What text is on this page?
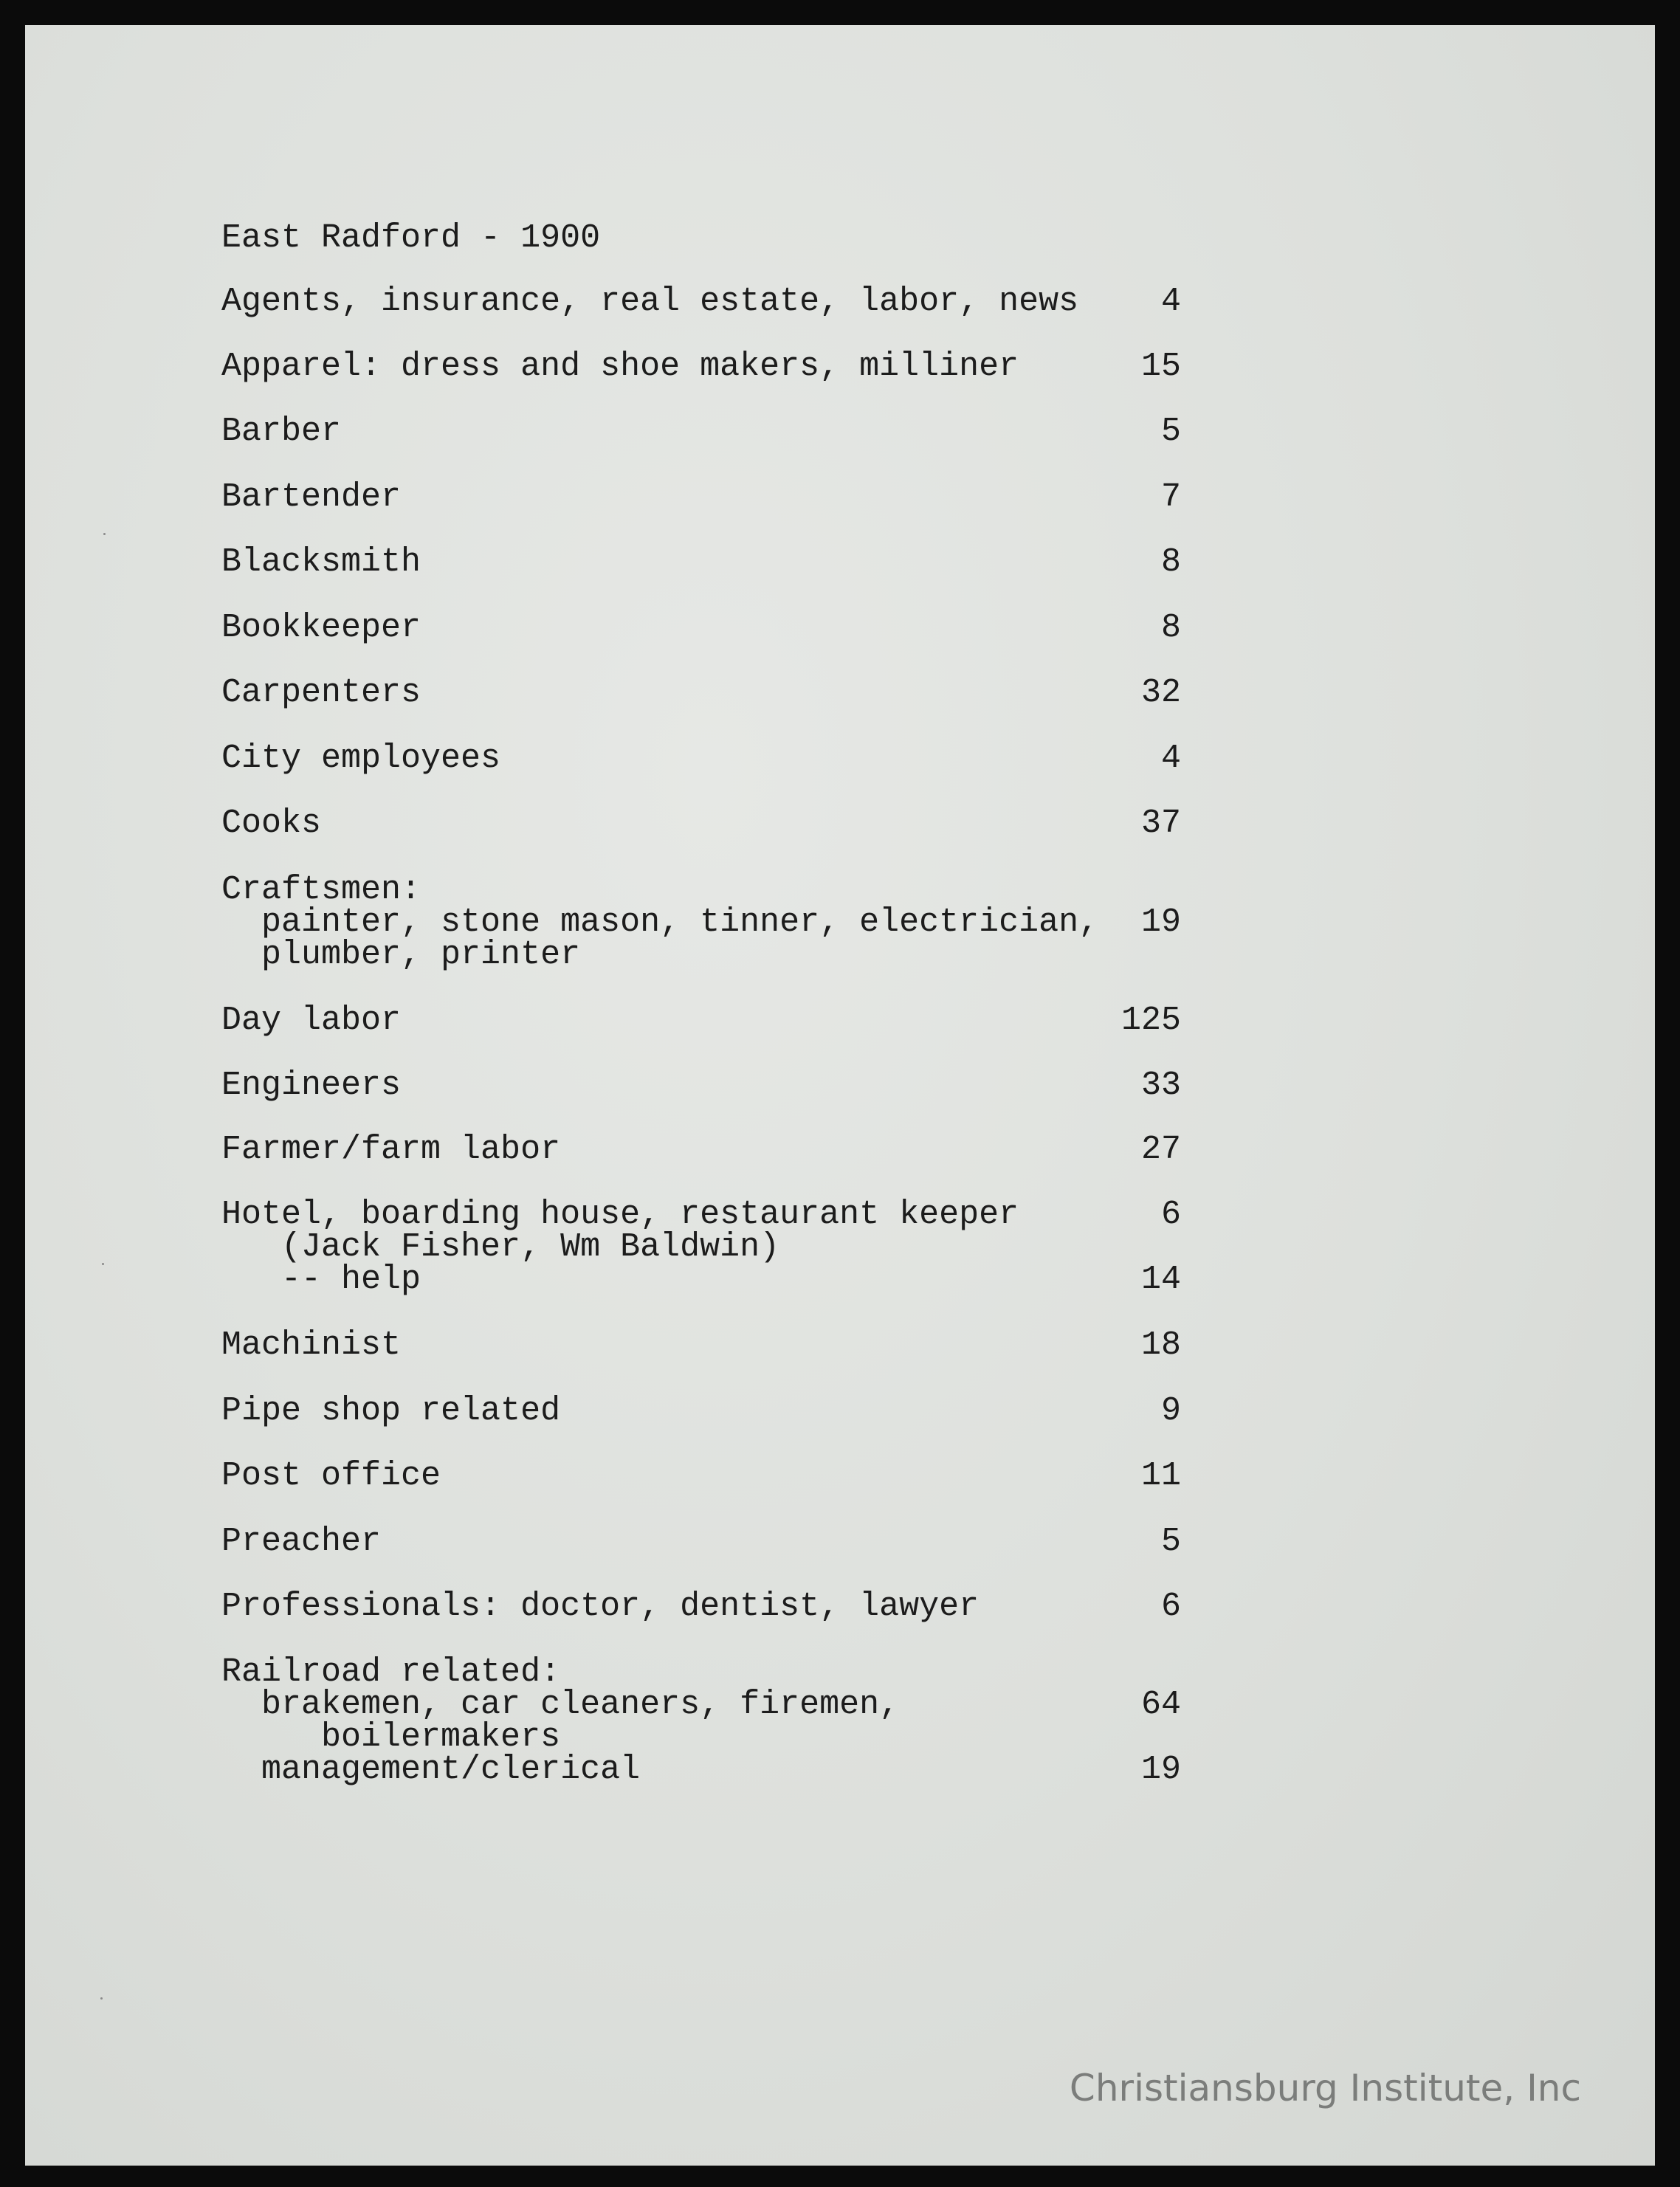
East Radford - 1900

Agents, insurance, real estate, labor, news	4
Apparel: dress and shoe makers, milliner	15
Barber	5
Bartender	7
Blacksmith	8
Bookkeeper	8
Carpenters	32
City employees	4
Cooks	37
Craftsmen:
painter, stone mason, tinner, electrician,	19
plumber, printer
Day labor	125
Engineers	33
Farmer/farm labor	27
Hotel, boarding house, restaurant keeper	6
(Jack Fisher, Wm Baldwin)
-- help	14
Machinist	18
Pipe shop related	9
Post office	11
Preacher	5
Professionals: doctor, dentist, lawyer	6
Railroad related:
brakemen, car cleaners, firemen,	64
boilermakers
management/clerical	19

Christiansburg Institute, Inc
